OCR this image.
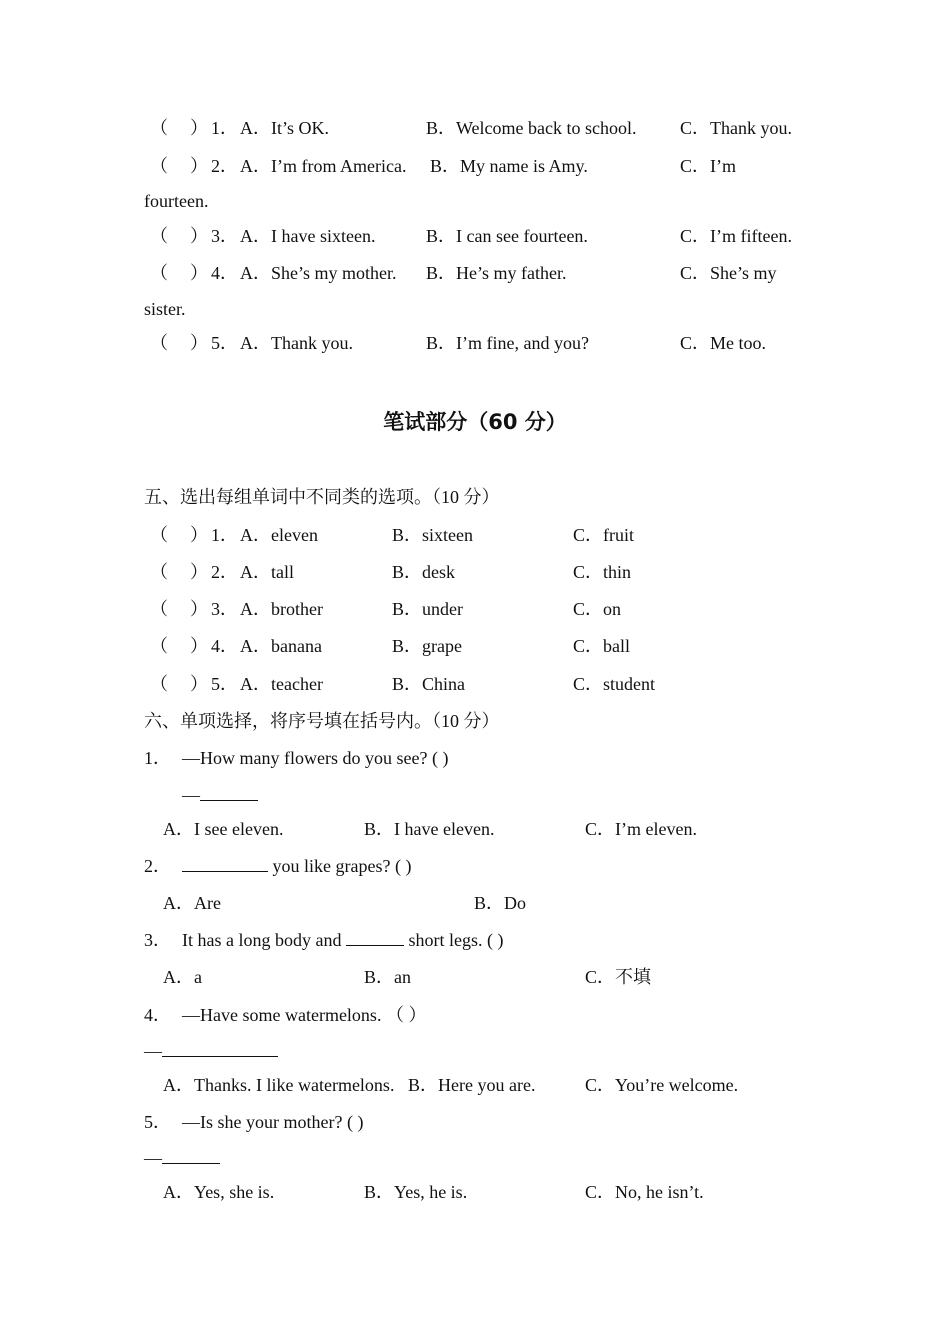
（ ） 1． A．It’s OK.	B．Welcome back to school. C．Thank you.
（ ） 2． A．I’m from America. B．My name is Amy.	C．I’m
fourteen.
（ ） 3． A．I have sixteen.	B．I can see fourteen.	C．I’m fifteen.
（ ） 4． A．She’s my mother. B．He’s my father.	C．She’s my
sister.
（ ） 5． A．Thank you.	B．I’m fine, and you?	C．Me too.
笔试部分（60 分）
五、选出每组单词中不同类的选项。（10 分）
（ ） 1． A．eleven	B．sixteen	C．fruit
（ ） 2． A．tall	B．desk	C．thin
（ ） 3． A．brother	B．under	C．on
（ ） 4． A．banana	B．grape	C．ball
（ ） 5． A．teacher	B．China	C．student
六、单项选择，将序号填在括号内。（10 分）
1． —How many flowers do you see? ( )
—
A．I see eleven.	B．I have eleven.	C．I’m eleven.
2．	you like grapes? ( )
A．Are	B．Do
3． It has a long body and	short legs. ( )
A．a	B．an	C．不填
4． —Have some watermelons. （ ）
—
A．Thanks. I like watermelons. B．Here you are.	C．You’re welcome.
5． —Is she your mother? ( )
—
A．Yes, she is.	B．Yes, he is.	C．No, he isn’t.
